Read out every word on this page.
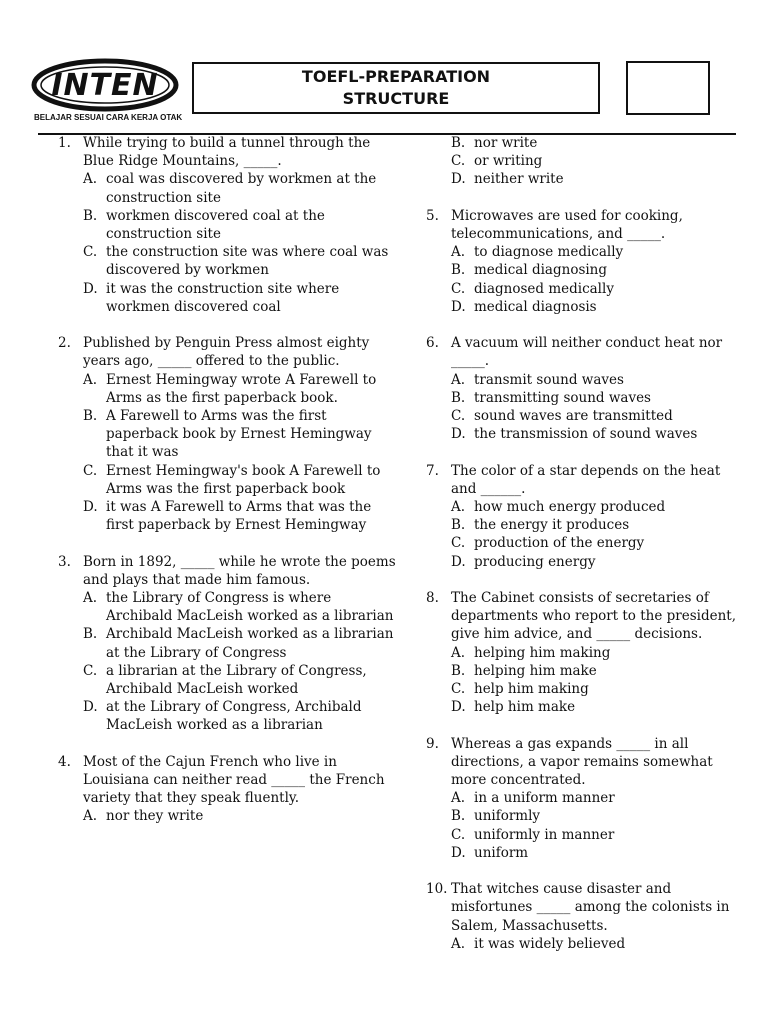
INTEN
BELAJAR SESUAI CARA KERJA OTAK
TOEFL-PREPARATION
STRUCTURE
1. While trying to build a tunnel through the Blue Ridge Mountains, _____.
A. coal was discovered by workmen at the construction site
B. workmen discovered coal at the construction site
C. the construction site was where coal was discovered by workmen
D. it was the construction site where workmen discovered coal
2. Published by Penguin Press almost eighty years ago, _____ offered to the public.
A. Ernest Hemingway wrote A Farewell to Arms as the first paperback book.
B. A Farewell to Arms was the first paperback book by Ernest Hemingway that it was
C. Ernest Hemingway's book A Farewell to Arms was the first paperback book
D. it was A Farewell to Arms that was the first paperback by Ernest Hemingway
3. Born in 1892, _____ while he wrote the poems and plays that made him famous.
A. the Library of Congress is where Archibald MacLeish worked as a librarian
B. Archibald MacLeish worked as a librarian at the Library of Congress
C. a librarian at the Library of Congress, Archibald MacLeish worked
D. at the Library of Congress, Archibald MacLeish worked as a librarian
4. Most of the Cajun French who live in Louisiana can neither read _____ the French variety that they speak fluently.
A. nor they write
B. nor write
C. or writing
D. neither write
5. Microwaves are used for cooking, telecommunications, and _____.
A. to diagnose medically
B. medical diagnosing
C. diagnosed medically
D. medical diagnosis
6. A vacuum will neither conduct heat nor _____.
A. transmit sound waves
B. transmitting sound waves
C. sound waves are transmitted
D. the transmission of sound waves
7. The color of a star depends on the heat and ______.
A. how much energy produced
B. the energy it produces
C. production of the energy
D. producing energy
8. The Cabinet consists of secretaries of departments who report to the president, give him advice, and _____ decisions.
A. helping him making
B. helping him make
C. help him making
D. help him make
9. Whereas a gas expands _____ in all directions, a vapor remains somewhat more concentrated.
A. in a uniform manner
B. uniformly
C. uniformly in manner
D. uniform
10. That witches cause disaster and misfortunes _____ among the colonists in Salem, Massachusetts.
A. it was widely believed
